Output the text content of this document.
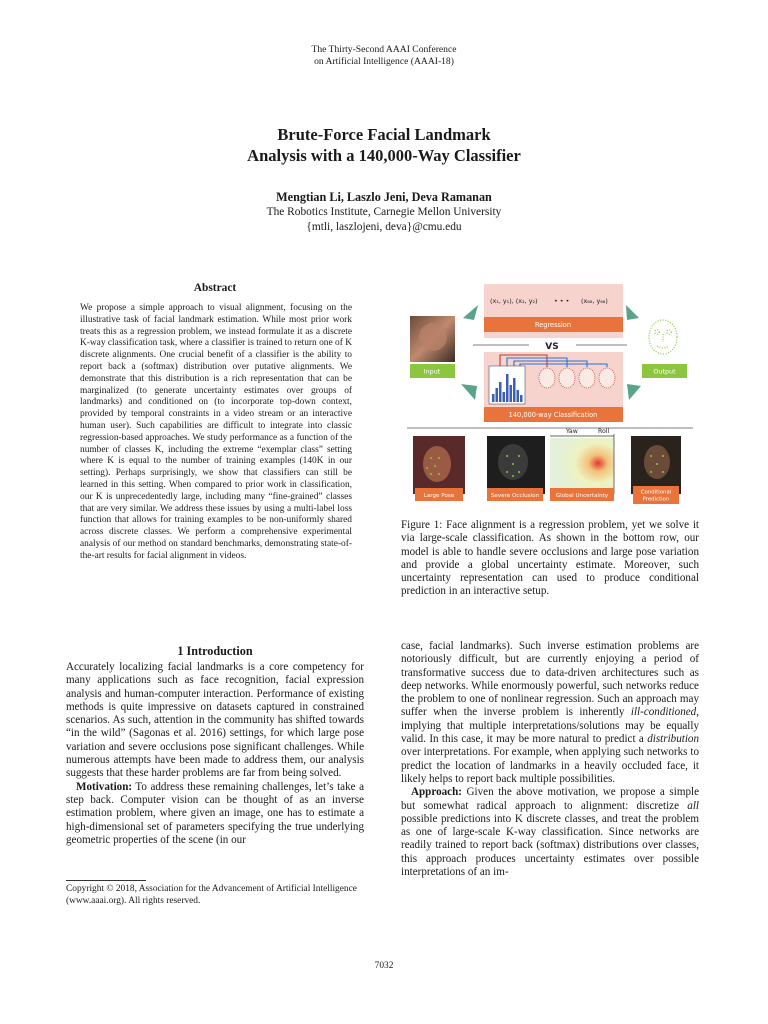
The Thirty-Second AAAI Conference
on Artificial Intelligence (AAAI-18)
Brute-Force Facial Landmark
Analysis with a 140,000-Way Classifier
Mengtian Li, Laszlo Jeni, Deva Ramanan
The Robotics Institute, Carnegie Mellon University
{mtli, laszlojeni, deva}@cmu.edu
Abstract
We propose a simple approach to visual alignment, focusing on the illustrative task of facial landmark estimation. While most prior work treats this as a regression problem, we instead formulate it as a discrete K-way classification task, where a classifier is trained to return one of K discrete alignments. One crucial benefit of a classifier is the ability to report back a (softmax) distribution over putative alignments. We demonstrate that this distribution is a rich representation that can be marginalized (to generate uncertainty estimates over groups of landmarks) and conditioned on (to incorporate top-down context, provided by temporal constraints in a video stream or an interactive human user). Such capabilities are difficult to integrate into classic regression-based approaches. We study performance as a function of the number of classes K, including the extreme “exemplar class” setting where K is equal to the number of training examples (140K in our setting). Perhaps surprisingly, we show that classifiers can still be learned in this setting. When compared to prior work in classification, our K is unprecedentedly large, including many “fine-grained” classes that are very similar. We address these issues by using a multi-label loss function that allows for training examples to be non-uniformly shared across discrete classes. We perform a comprehensive experimental analysis of our method on standard benchmarks, demonstrating state-of-the-art results for facial alignment in videos.
1 Introduction

Accurately localizing facial landmarks is a core competency for many applications such as face recognition, facial expression analysis and human-computer interaction. Performance of existing methods is quite impressive on datasets captured in constrained scenarios. As such, attention in the community has shifted towards “in the wild” (Sagonas et al. 2016) settings, for which large pose variation and severe occlusions pose significant challenges. While numerous attempts have been made to address them, our analysis suggests that these harder problems are far from being solved.

Motivation: To address these remaining challenges, let’s take a step back. Computer vision can be thought of as an inverse estimation problem, where given an image, one has to estimate a high-dimensional set of parameters specifying the true underlying geometric properties of the scene (in our

Copyright © 2018, Association for the Advancement of Artificial Intelligence (www.aaai.org). All rights reserved.
(x₁, y₁), (x₂, y₂)	• • • (x₆₈, y₆₈)
Regression
Input	Output
VS
140,000-way Classification
Yaw	Roll
Large Pose	Severe Occlusion	Global Uncertainty
Conditional
Prediction
Figure 1: Face alignment is a regression problem, yet we solve it via large-scale classification. As shown in the bottom row, our model is able to handle severe occlusions and large pose variation and provide a global uncertainty estimate. Moreover, such uncertainty representation can used to produce conditional prediction in an interactive setup.

case, facial landmarks). Such inverse estimation problems are notoriously difficult, but are currently enjoying a period of transformative success due to data-driven architectures such as deep networks. While enormously powerful, such networks reduce the problem to one of nonlinear regression. Such an approach may suffer when the inverse problem is inherently ill-conditioned, implying that multiple interpretations/solutions may be equally valid. In this case, it may be more natural to predict a distribution over interpretations. For example, when applying such networks to predict the location of landmarks in a heavily occluded face, it likely helps to report back multiple possibilities.

Approach: Given the above motivation, we propose a simple but somewhat radical approach to alignment: discretize all possible predictions into K discrete classes, and treat the problem as one of large-scale K-way classification. Since networks are readily trained to report back (softmax) distributions over classes, this approach produces uncertainty estimates over possible interpretations of an im-

7032
